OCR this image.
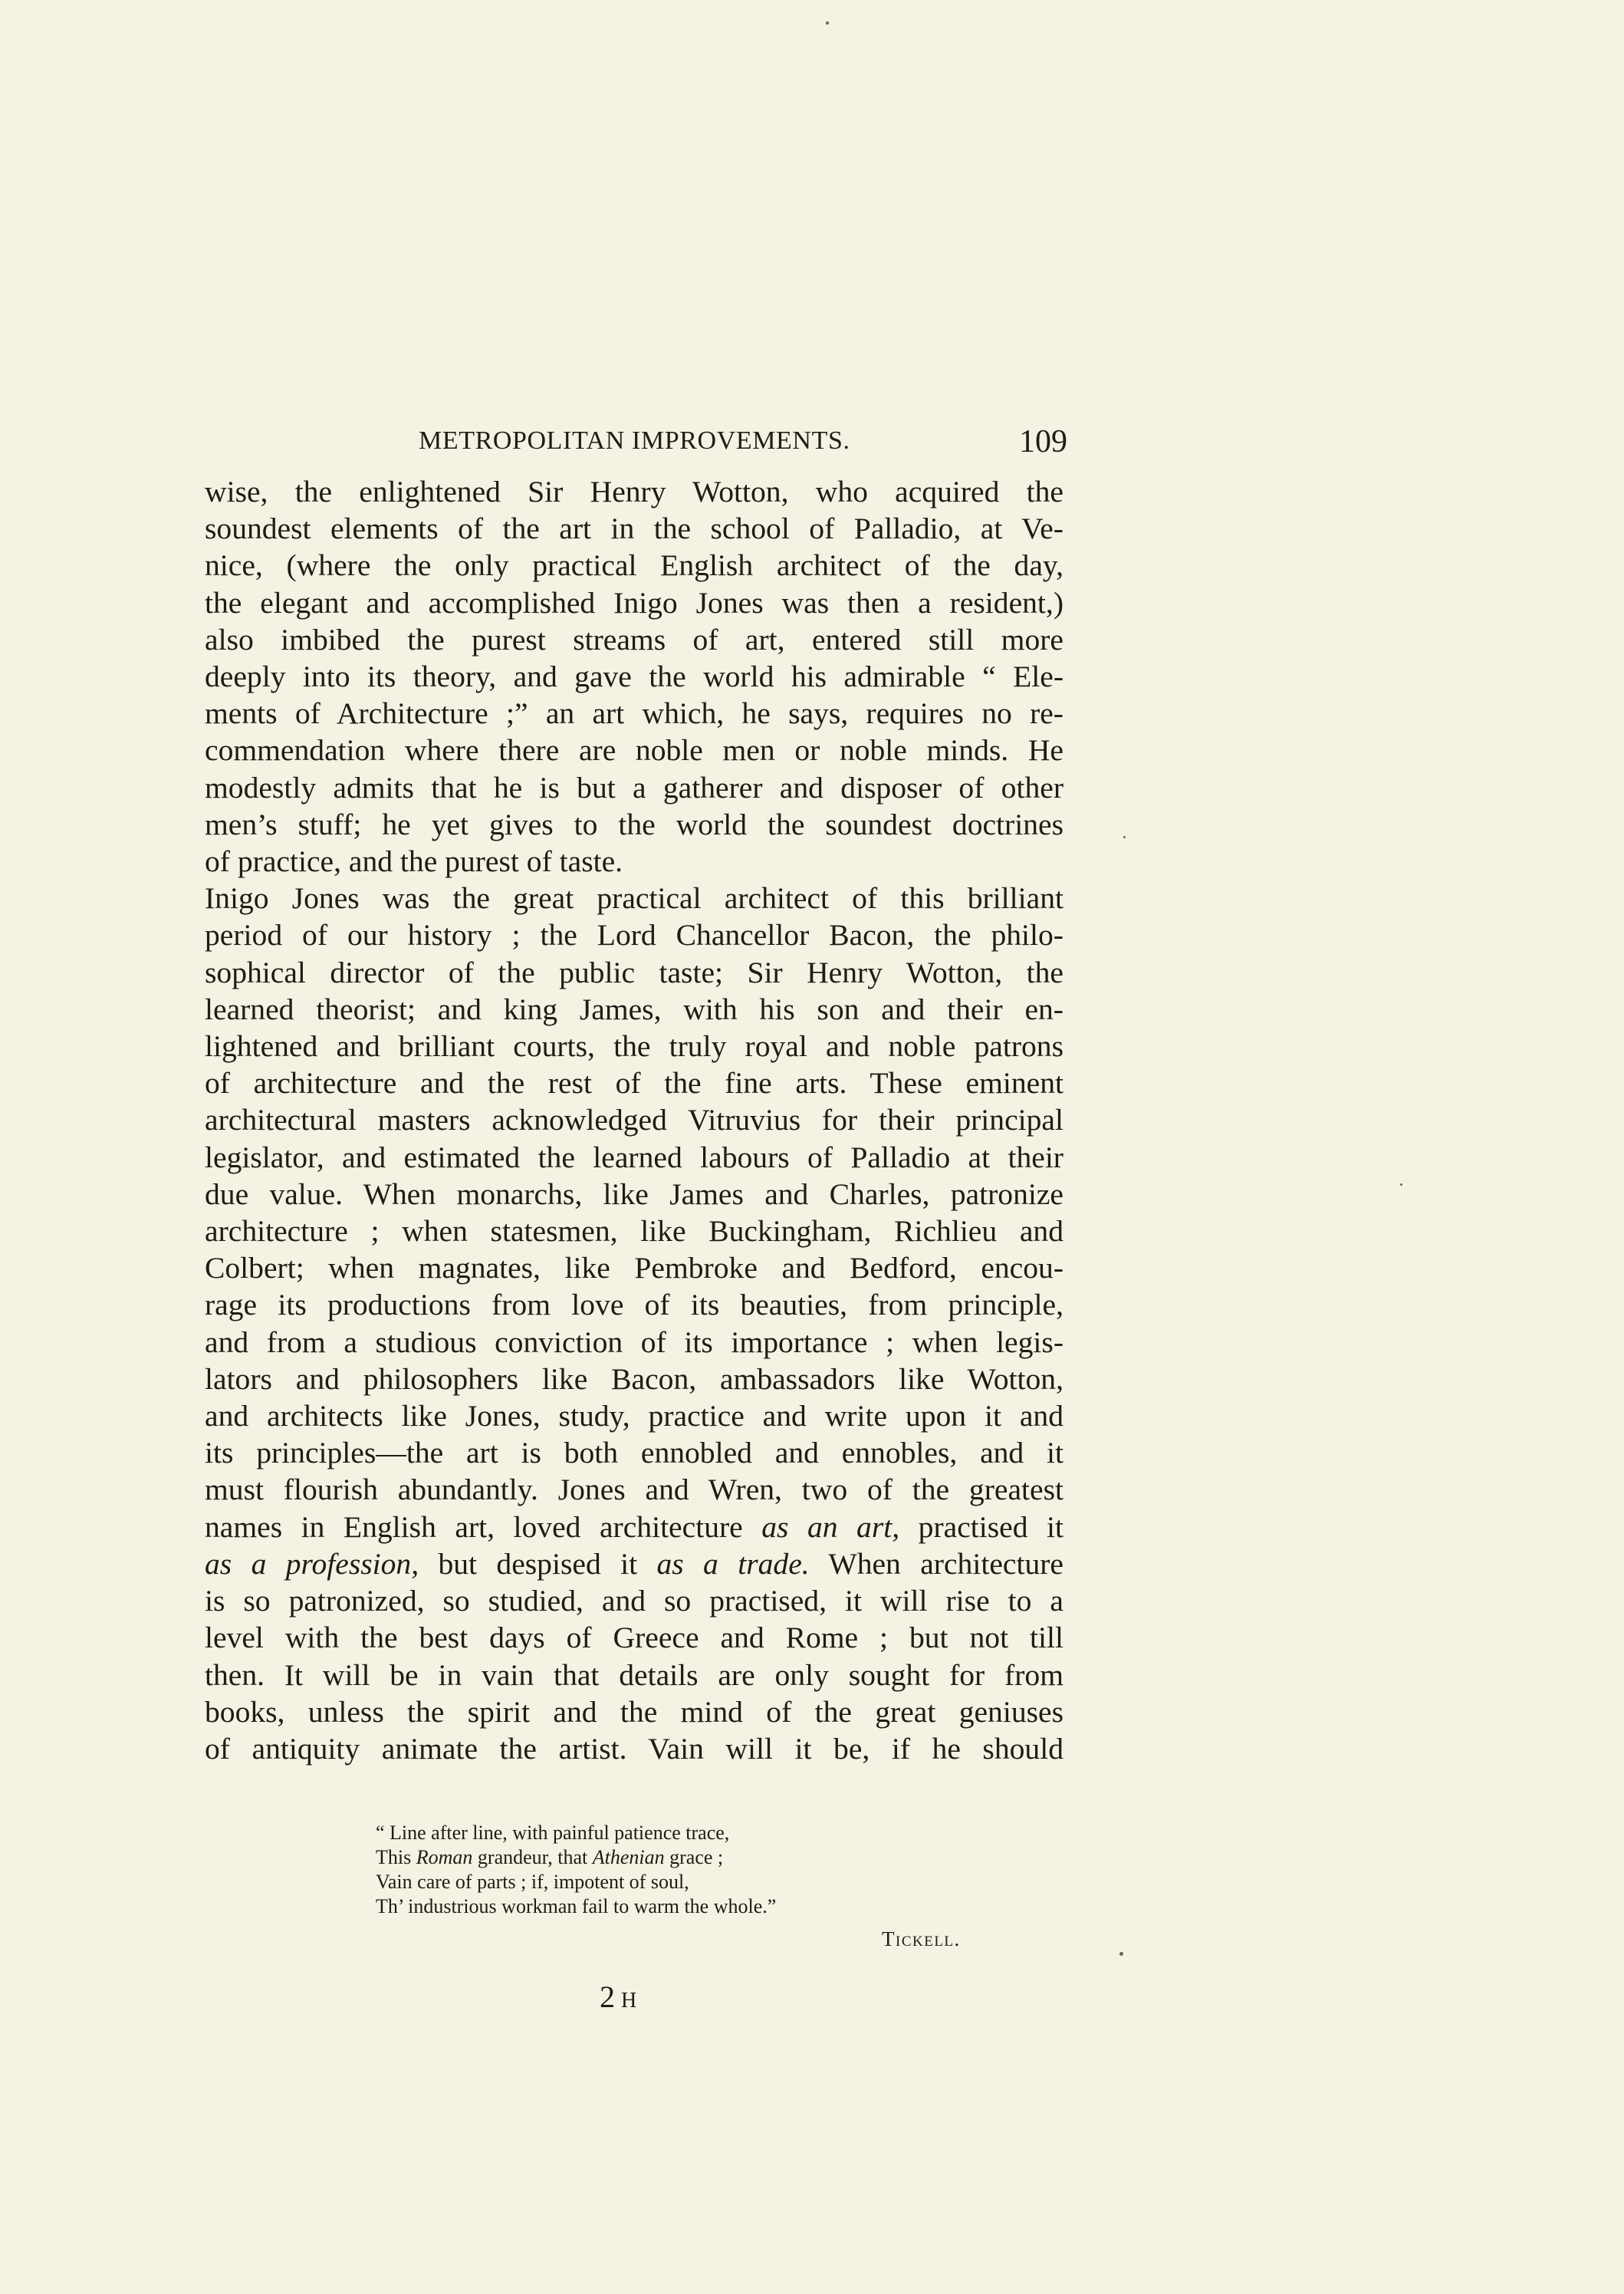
METROPOLITAN IMPROVEMENTS.	109
wise, the enlightened Sir Henry Wotton, who acquired the
soundest elements of the art in the school of Palladio, at Ve-
nice, (where the only practical English architect of the day,
the elegant and accomplished Inigo Jones was then a resident,)
also imbibed the purest streams of art, entered still more
deeply into its theory, and gave the world his admirable “ Ele-
ments of Architecture ;” an art which, he says, requires no re-
commendation where there are noble men or noble minds. He
modestly admits that he is but a gatherer and disposer of other
men’s stuff; he yet gives to the world the soundest doctrines
of practice, and the purest of taste.
Inigo Jones was the great practical architect of this brilliant
period of our history ; the Lord Chancellor Bacon, the philo-
sophical director of the public taste; Sir Henry Wotton, the
learned theorist; and king James, with his son and their en-
lightened and brilliant courts, the truly royal and noble patrons
of architecture and the rest of the fine arts. These eminent
architectural masters acknowledged Vitruvius for their principal
legislator, and estimated the learned labours of Palladio at their
due value. When monarchs, like James and Charles, patronize
architecture ; when statesmen, like Buckingham, Richlieu and
Colbert; when magnates, like Pembroke and Bedford, encou-
rage its productions from love of its beauties, from principle,
and from a studious conviction of its importance ; when legis-
lators and philosophers like Bacon, ambassadors like Wotton,
and architects like Jones, study, practice and write upon it and
its principles—the art is both ennobled and ennobles, and it
must flourish abundantly. Jones and Wren, two of the greatest
names in English art, loved architecture as an art, practised it
as a profession, but despised it as a trade. When architecture
is so patronized, so studied, and so practised, it will rise to a
level with the best days of Greece and Rome ; but not till
then. It will be in vain that details are only sought for from
books, unless the spirit and the mind of the great geniuses
of antiquity animate the artist. Vain will it be, if he should
“ Line after line, with painful patience trace,
This Roman grandeur, that Athenian grace ;
Vain care of parts ; if, impotent of soul,
Th’ industrious workman fail to warm the whole.”
Tickell.
2 H
